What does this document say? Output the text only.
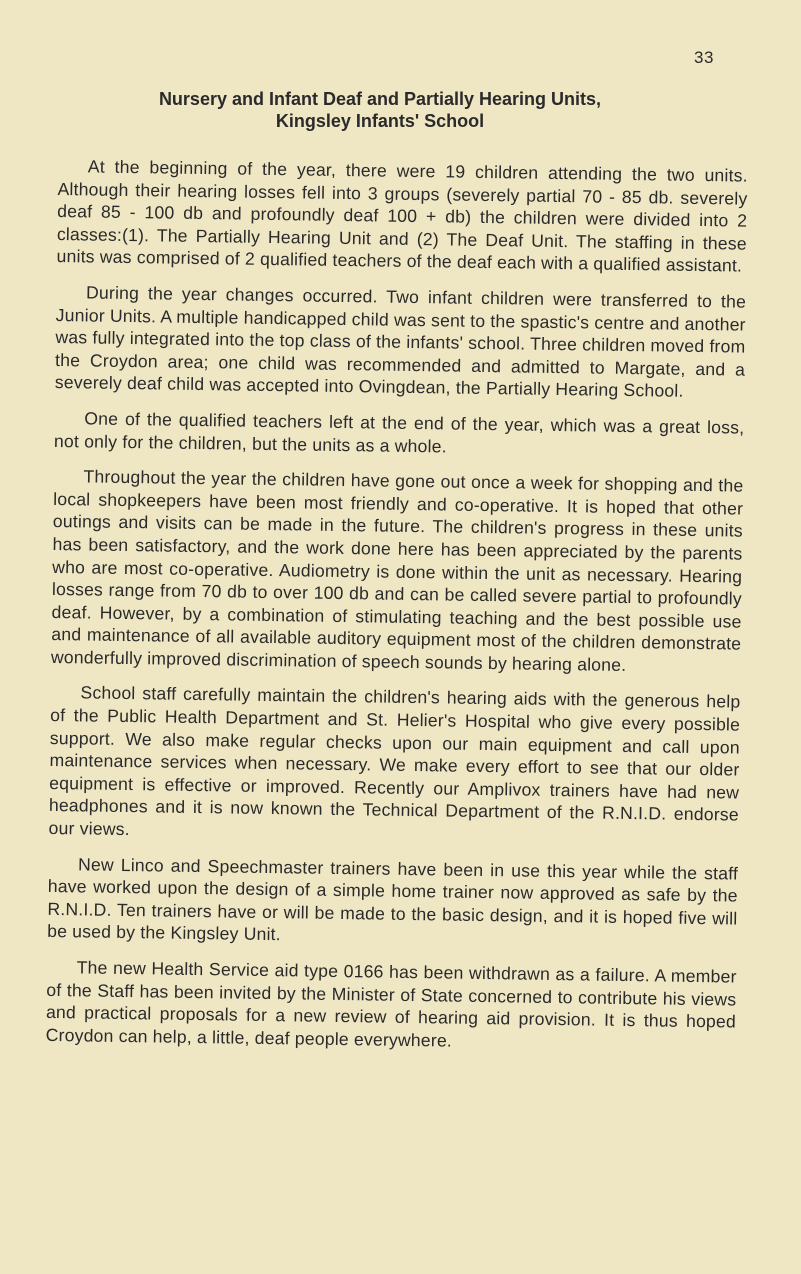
33
Nursery and Infant Deaf and Partially Hearing Units,
Kingsley Infants' School

At the beginning of the year, there were 19 children attending the two units. Although their hearing losses fell into 3 groups (severely partial 70 - 85 db. severely deaf 85 - 100 db and profoundly deaf 100 + db) the children were divided into 2 classes:(1). The Partially Hearing Unit and (2) The Deaf Unit. The staffing in these units was comprised of 2 qualified teachers of the deaf each with a qualified assistant.

During the year changes occurred. Two infant children were transferred to the Junior Units. A multiple handicapped child was sent to the spastic's centre and another was fully integrated into the top class of the infants' school. Three children moved from the Croydon area; one child was recommended and admitted to Margate, and a severely deaf child was accepted into Ovingdean, the Partially Hearing School.

One of the qualified teachers left at the end of the year, which was a great loss, not only for the children, but the units as a whole.

Throughout the year the children have gone out once a week for shopping and the local shopkeepers have been most friendly and co-operative. It is hoped that other outings and visits can be made in the future. The children's progress in these units has been satisfactory, and the work done here has been appreciated by the parents who are most co-operative. Audiometry is done within the unit as necessary. Hearing losses range from 70 db to over 100 db and can be called severe partial to profoundly deaf. However, by a combination of stimulating teaching and the best possible use and maintenance of all available auditory equipment most of the children demonstrate wonderfully improved discrimination of speech sounds by hearing alone.

School staff carefully maintain the children's hearing aids with the generous help of the Public Health Department and St. Helier's Hospital who give every possible support. We also make regular checks upon our main equipment and call upon maintenance services when necessary. We make every effort to see that our older equipment is effective or improved. Recently our Amplivox trainers have had new headphones and it is now known the Technical Department of the R.N.I.D. endorse our views.

New Linco and Speechmaster trainers have been in use this year while the staff have worked upon the design of a simple home trainer now approved as safe by the R.N.I.D. Ten trainers have or will be made to the basic design, and it is hoped five will be used by the Kingsley Unit.

The new Health Service aid type 0166 has been withdrawn as a failure. A member of the Staff has been invited by the Minister of State concerned to contribute his views and practical proposals for a new review of hearing aid provision. It is thus hoped Croydon can help, a little, deaf people everywhere.
